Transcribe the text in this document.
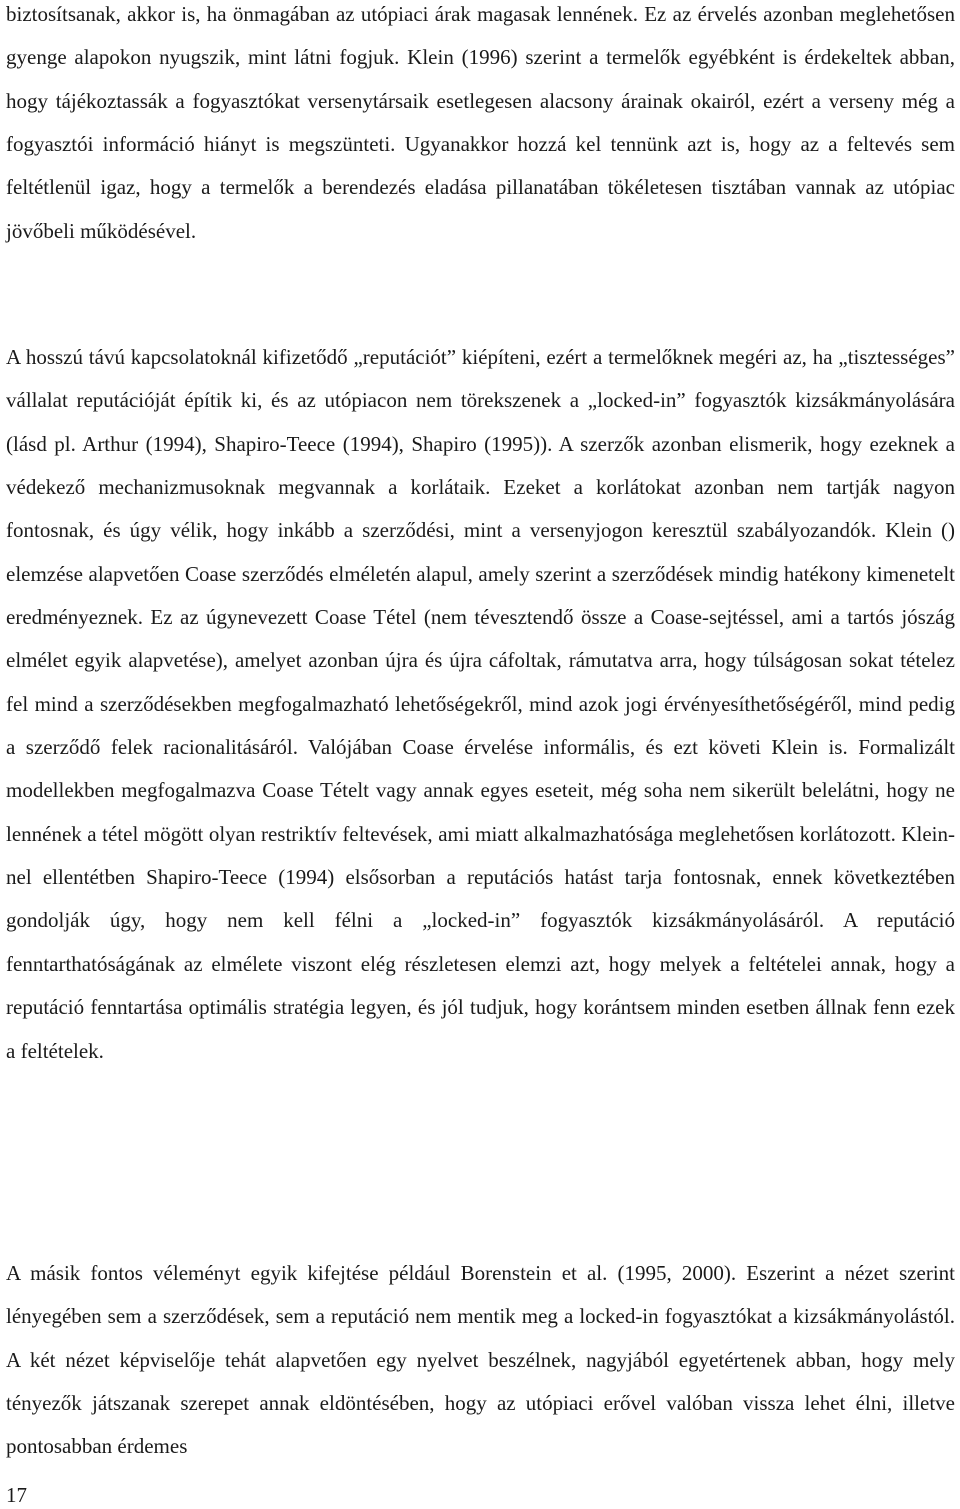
biztosítsanak, akkor is, ha önmagában az utópiaci árak magasak lennének. Ez az érvelés azonban meglehetősen gyenge alapokon nyugszik, mint látni fogjuk. Klein (1996) szerint a termelők egyébként is érdekeltek abban, hogy tájékoztassák a fogyasztókat versenytársaik esetlegesen alacsony árainak okairól, ezért a verseny még a fogyasztói információ hiányt is megszünteti. Ugyanakkor hozzá kel tennünk azt is, hogy az a feltevés sem feltétlenül igaz, hogy a termelők a berendezés eladása pillanatában tökéletesen tisztában vannak az utópiac jövőbeli működésével.

A hosszú távú kapcsolatoknál kifizetődő „reputációt” kiépíteni, ezért a termelőknek megéri az, ha „tisztességes” vállalat reputációját építik ki, és az utópiacon nem törekszenek a „locked-in” fogyasztók kizsákmányolására (lásd pl. Arthur (1994), Shapiro-Teece (1994), Shapiro (1995)). A szerzők azonban elismerik, hogy ezeknek a védekező mechanizmusoknak megvannak a korlátaik. Ezeket a korlátokat azonban nem tartják nagyon fontosnak, és úgy vélik, hogy inkább a szerződési, mint a versenyjogon keresztül szabályozandók. Klein () elemzése alapvetően Coase szerződés elméletén alapul, amely szerint a szerződések mindig hatékony kimenetelt eredményeznek. Ez az úgynevezett Coase Tétel (nem tévesztendő össze a Coase-sejtéssel, ami a tartós jószág elmélet egyik alapvetése), amelyet azonban újra és újra cáfoltak, rámutatva arra, hogy túlságosan sokat tételez fel mind a szerződésekben megfogalmazható lehetőségekről, mind azok jogi érvényesíthetőségéről, mind pedig a szerződő felek racionalitásáról. Valójában Coase érvelése informális, és ezt követi Klein is. Formalizált modellekben megfogalmazva Coase Tételt vagy annak egyes eseteit, még soha nem sikerült belelátni, hogy ne lennének a tétel mögött olyan restriktív feltevések, ami miatt alkalmazhatósága meglehetősen korlátozott. Klein-nel ellentétben Shapiro-Teece (1994) elsősorban a reputációs hatást tarja fontosnak, ennek következtében gondolják úgy, hogy nem kell félni a „locked-in” fogyasztók kizsákmányolásáról. A reputáció fenntarthatóságának az elmélete viszont elég részletesen elemzi azt, hogy melyek a feltételei annak, hogy a reputáció fenntartása optimális stratégia legyen, és jól tudjuk, hogy korántsem minden esetben állnak fenn ezek a feltételek.

A másik fontos véleményt egyik kifejtése például Borenstein et al. (1995, 2000). Eszerint a nézet szerint lényegében sem a szerződések, sem a reputáció nem mentik meg a locked-in fogyasztókat a kizsákmányolástól. A két nézet képviselője tehát alapvetően egy nyelvet beszélnek, nagyjából egyetértenek abban, hogy mely tényezők játszanak szerepet annak eldöntésében, hogy az utópiaci erővel valóban vissza lehet élni, illetve pontosabban érdemes

17
